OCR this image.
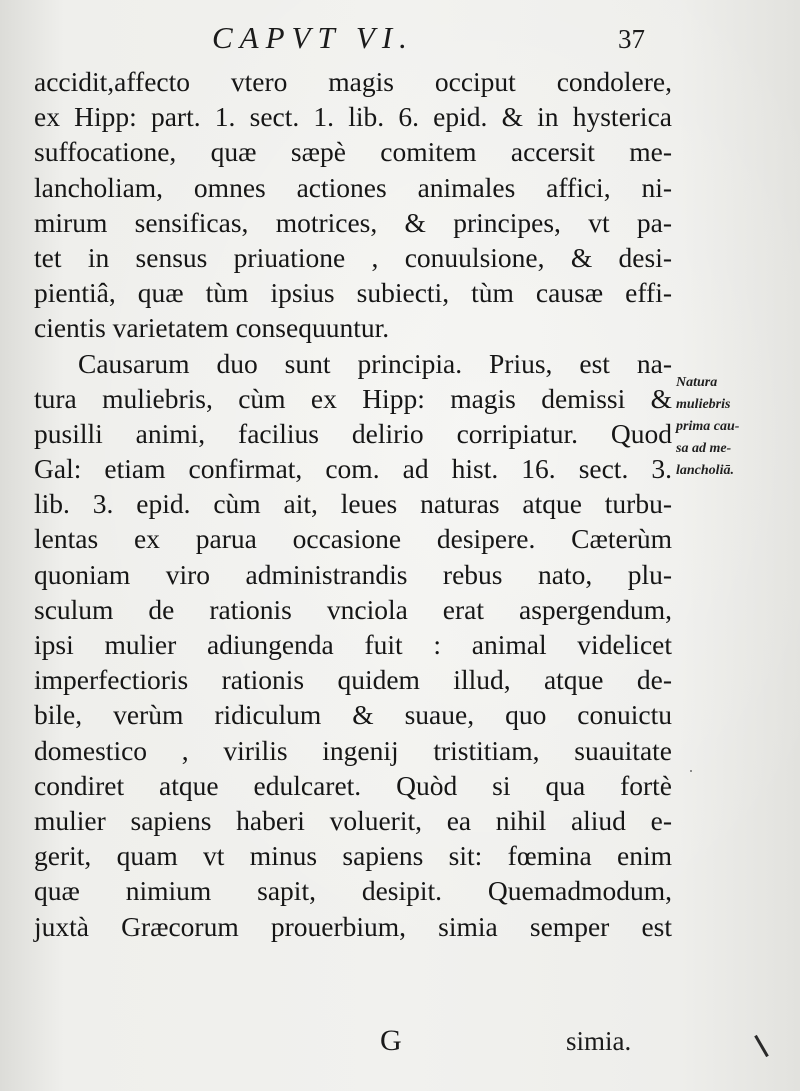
CAPVT VI.	37
accidit,affecto vtero magis occiput condolere,
ex Hipp: part. 1. sect. 1. lib. 6. epid. & in hysterica
suffocatione, quæ sæpè comitem accersit me-
lancholiam, omnes actiones animales affici, ni-
mirum sensificas, motrices, & principes, vt pa-
tet in sensus priuatione , conuulsione, & desi-
pientiâ, quæ tùm ipsius subiecti, tùm causæ effi-
cientis varietatem consequuntur.
Causarum duo sunt principia. Prius, est na-
tura muliebris, cùm ex Hipp: magis demissi &
pusilli animi, facilius delirio corripiatur. Quod
Gal: etiam confirmat, com. ad hist. 16. sect. 3.
lib. 3. epid. cùm ait, leues naturas atque turbu-
lentas ex parua occasione desipere. Cæterùm
quoniam viro administrandis rebus nato, plu-
sculum de rationis vnciola erat aspergendum,
ipsi mulier adiungenda fuit : animal videlicet
imperfectioris rationis quidem illud, atque de-
bile, verùm ridiculum & suaue, quo conuictu
domestico , virilis ingenij tristitiam, suauitate
condiret atque edulcaret. Quòd si qua fortè
mulier sapiens haberi voluerit, ea nihil aliud e-
gerit, quam vt minus sapiens sit: fœmina enim
quæ nimium sapit, desipit. Quemadmodum,
juxtà Græcorum prouerbium, simia semper est
Natura
muliebris
prima cau-
sa ad me-
lancholiā.
G	simia.
